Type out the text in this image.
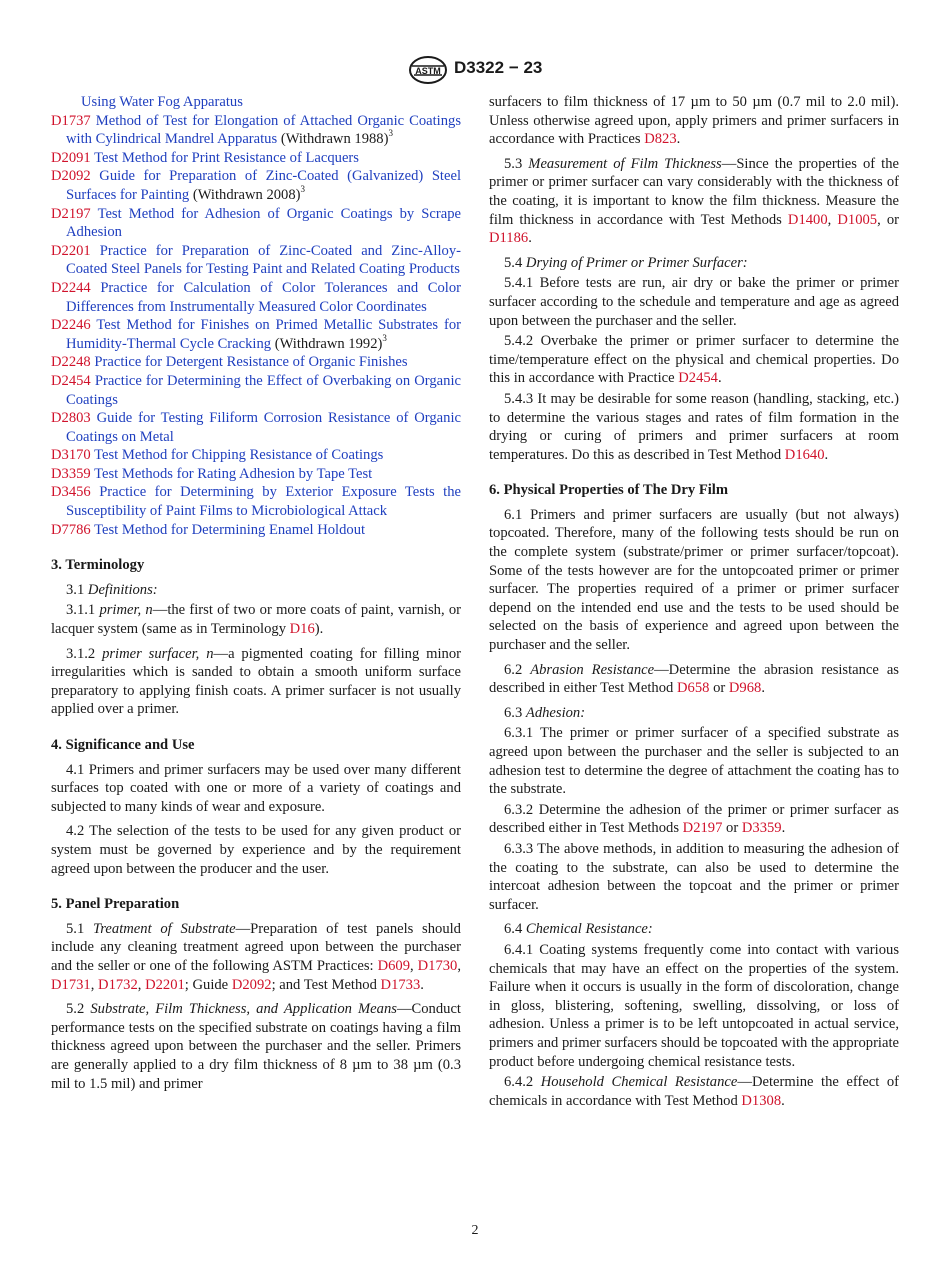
ASTM D3322 − 23

Using Water Fog Apparatus

D1737 Method of Test for Elongation of Attached Organic Coatings with Cylindrical Mandrel Apparatus (Withdrawn 1988)$^3$

D2091 Test Method for Print Resistance of Lacquers

D2092 Guide for Preparation of Zinc-Coated (Galvanized) Steel Surfaces for Painting (Withdrawn 2008)$^3$

D2197 Test Method for Adhesion of Organic Coatings by Scrape Adhesion

D2201 Practice for Preparation of Zinc-Coated and Zinc-Alloy-Coated Steel Panels for Testing Paint and Related Coating Products

D2244 Practice for Calculation of Color Tolerances and Color Differences from Instrumentally Measured Color Coordinates

D2246 Test Method for Finishes on Primed Metallic Substrates for Humidity-Thermal Cycle Cracking (Withdrawn 1992)$^3$

D2248 Practice for Detergent Resistance of Organic Finishes

D2454 Practice for Determining the Effect of Overbaking on Organic Coatings

D2803 Guide for Testing Filiform Corrosion Resistance of Organic Coatings on Metal

D3170 Test Method for Chipping Resistance of Coatings

D3359 Test Methods for Rating Adhesion by Tape Test

D3456 Practice for Determining by Exterior Exposure Tests the Susceptibility of Paint Films to Microbiological Attack

D7786 Test Method for Determining Enamel Holdout

3. Terminology

3.1 Definitions:

3.1.1 primer, n—the first of two or more coats of paint, varnish, or lacquer system (same as in Terminology D16).

3.1.2 primer surfacer, n—a pigmented coating for filling minor irregularities which is sanded to obtain a smooth uniform surface preparatory to applying finish coats. A primer surfacer is not usually applied over a primer.

4. Significance and Use

4.1 Primers and primer surfacers may be used over many different surfaces top coated with one or more of a variety of coatings and subjected to many kinds of wear and exposure.

4.2 The selection of the tests to be used for any given product or system must be governed by experience and by the requirement agreed upon between the producer and the user.

5. Panel Preparation

5.1 Treatment of Substrate—Preparation of test panels should include any cleaning treatment agreed upon between the purchaser and the seller or one of the following ASTM Practices: D609, D1730, D1731, D1732, D2201; Guide D2092; and Test Method D1733.

5.2 Substrate, Film Thickness, and Application Means—Conduct performance tests on the specified substrate on coatings having a film thickness agreed upon between the purchaser and the seller. Primers are generally applied to a dry film thickness of 8 µm to 38 µm (0.3 mil to 1.5 mil) and primer

surfacers to film thickness of 17 µm to 50 µm (0.7 mil to 2.0 mil). Unless otherwise agreed upon, apply primers and primer surfacers in accordance with Practices D823.

5.3 Measurement of Film Thickness—Since the properties of the primer or primer surfacer can vary considerably with the thickness of the coating, it is important to know the film thickness. Measure the film thickness in accordance with Test Methods D1400, D1005, or D1186.

5.4 Drying of Primer or Primer Surfacer:

5.4.1 Before tests are run, air dry or bake the primer or primer surfacer according to the schedule and temperature and age as agreed upon between the purchaser and the seller.

5.4.2 Overbake the primer or primer surfacer to determine the time/temperature effect on the physical and chemical properties. Do this in accordance with Practice D2454.

5.4.3 It may be desirable for some reason (handling, stacking, etc.) to determine the various stages and rates of film formation in the drying or curing of primers and primer surfacers at room temperatures. Do this as described in Test Method D1640.

6. Physical Properties of The Dry Film

6.1 Primers and primer surfacers are usually (but not always) topcoated. Therefore, many of the following tests should be run on the complete system (substrate/primer or primer surfacer/topcoat). Some of the tests however are for the untopcoated primer or primer surfacer. The properties required of a primer or primer surfacer depend on the intended end use and the tests to be used should be selected on the basis of experience and agreed upon between the purchaser and the seller.

6.2 Abrasion Resistance—Determine the abrasion resistance as described in either Test Method D658 or D968.

6.3 Adhesion:

6.3.1 The primer or primer surfacer of a specified substrate as agreed upon between the purchaser and the seller is subjected to an adhesion test to determine the degree of attachment the coating has to the substrate.

6.3.2 Determine the adhesion of the primer or primer surfacer as described either in Test Methods D2197 or D3359.

6.3.3 The above methods, in addition to measuring the adhesion of the coating to the substrate, can also be used to determine the intercoat adhesion between the topcoat and the primer or primer surfacer.

6.4 Chemical Resistance:

6.4.1 Coating systems frequently come into contact with various chemicals that may have an effect on the properties of the system. Failure when it occurs is usually in the form of discoloration, change in gloss, blistering, softening, swelling, dissolving, or loss of adhesion. Unless a primer is to be left untopcoated in actual service, primers and primer surfacers should be topcoated with the appropriate product before undergoing chemical resistance tests.

6.4.2 Household Chemical Resistance—Determine the effect of chemicals in accordance with Test Method D1308.

2
